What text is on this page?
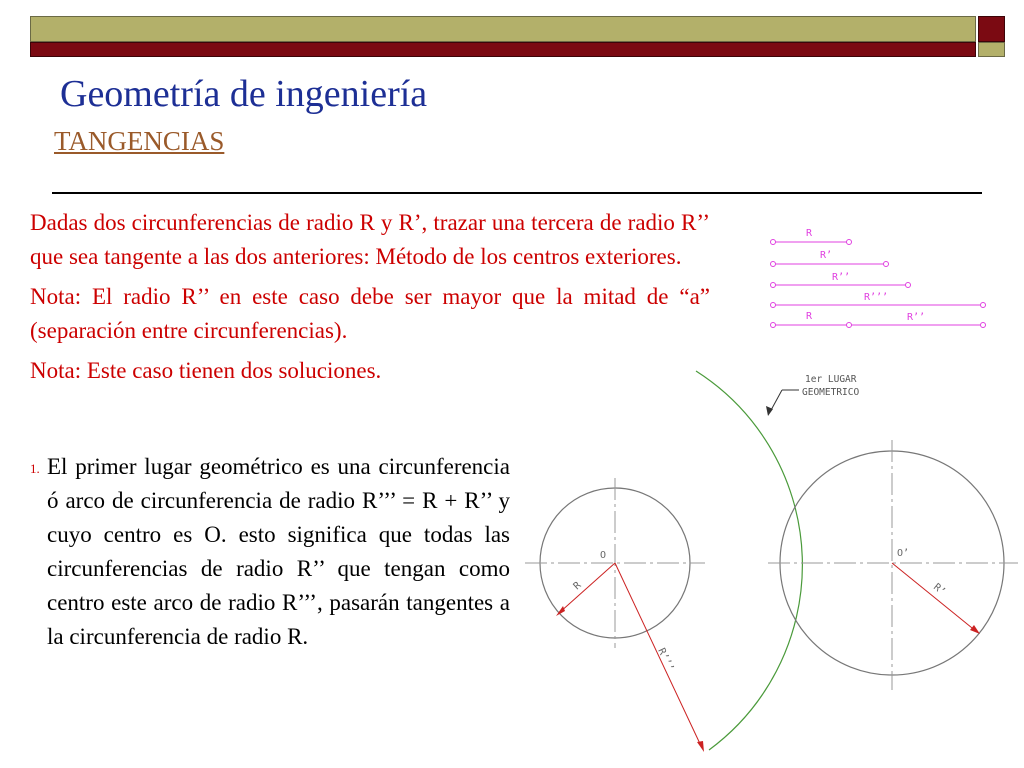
Geometría de ingeniería
TANGENCIAS

Dadas dos circunferencias de radio R y R’, trazar una tercera de radio R’’ que sea tangente a las dos anteriores: Método de los centros exteriores.

Nota: El radio R’’ en este caso debe ser mayor que la mitad de “a” (separación entre circunferencias).

Nota: Este caso tienen dos soluciones.

1. El primer lugar geométrico es una circunferencia ó arco de circunferencia de radio R’’’ = R + R’’ y cuyo centro es O. esto significa que todas las circunferencias de radio R’’ que tengan como centro este arco de radio R’’’, pasarán tangentes a la circunferencia de radio R.
R
R’
R’’
R’’’
R	R’’
1er LUGAR
GEOMETRICO
O
R
R’’’
O’
R’
